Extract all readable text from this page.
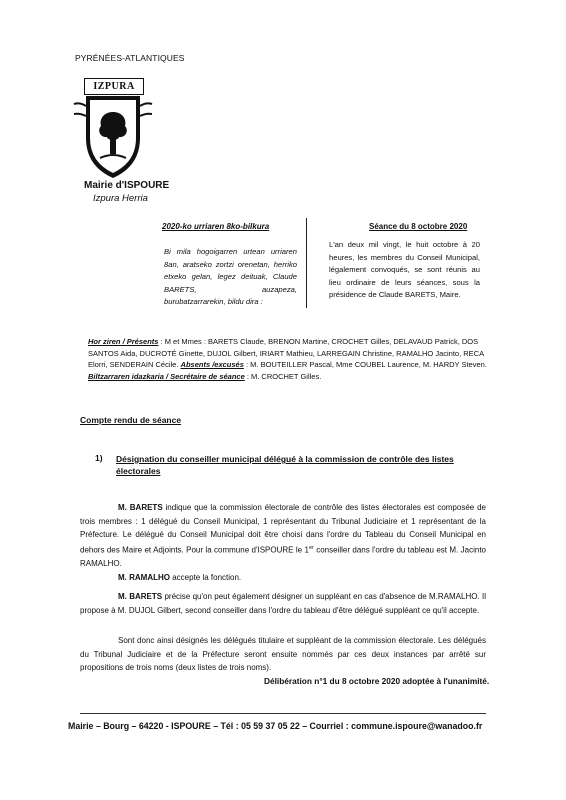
PYRÉNÉES-ATLANTIQUES
IZPURA
Mairie d'ISPOURE
Izpura Herria
2020-ko urriaren 8ko-bilkura	Séance du 8 octobre 2020
Bi mila hogoigarren urtean urriaren 8an, aratseko zortzi orenetan, herriko etxeko gelan, legez deituak, Claude BARETS, auzapeza, burubatzarrarekin, bildu dira :
L'an deux mil vingt, le huit octobre à 20 heures, les membres du Conseil Municipal, légalement convoqués, se sont réunis au lieu ordinaire de leurs séances, sous la présidence de Claude BARETS, Maire.
Hor ziren / Présents : M et Mmes : BARETS Claude, BRENON Martine, CROCHET Gilles, DELAVAUD Patrick, DOS SANTOS Aida, DUCROTÉ Ginette, DUJOL Gilbert, IRIART Mathieu, LARREGAIN Christine, RAMALHO Jacinto, RECA Elorri, SENDERAIN Cécile. Absents /excusés : M. BOUTEILLER Pascal, Mme COUBEL Laurence, M. HARDY Steven.
Biltzarraren idazkaria / Secrétaire de séance : M. CROCHET Gilles.
Compte rendu de séance
1) Désignation du conseiller municipal délégué à la commission de contrôle des listes électorales
M. BARETS indique que la commission électorale de contrôle des listes électorales est composée de trois membres : 1 délégué du Conseil Municipal, 1 représentant du Tribunal Judiciaire et 1 représentant de la Préfecture. Le délégué du Conseil Municipal doit être choisi dans l'ordre du Tableau du Conseil Municipal en dehors des Maire et Adjoints. Pour la commune d'ISPOURE le 1er conseiller dans l'ordre du tableau est M. Jacinto RAMALHO.
M. RAMALHO accepte la fonction.
M. BARETS précise qu'on peut également désigner un suppléant en cas d'absence de M.RAMALHO. Il propose à M. DUJOL Gilbert, second conseiller dans l'ordre du tableau d'être délégué suppléant ce qu'il accepte.
Sont donc ainsi désignés les délégués titulaire et suppléant de la commission électorale. Les délégués du Tribunal Judiciaire et de la Préfecture seront ensuite nommés par ces deux instances par arrêté sur propositions de trois noms (deux listes de trois noms).
Délibération n°1 du 8 octobre 2020 adoptée à l'unanimité.
Mairie – Bourg – 64220 - ISPOURE – Tél : 05 59 37 05 22 – Courriel : commune.ispoure@wanadoo.fr
